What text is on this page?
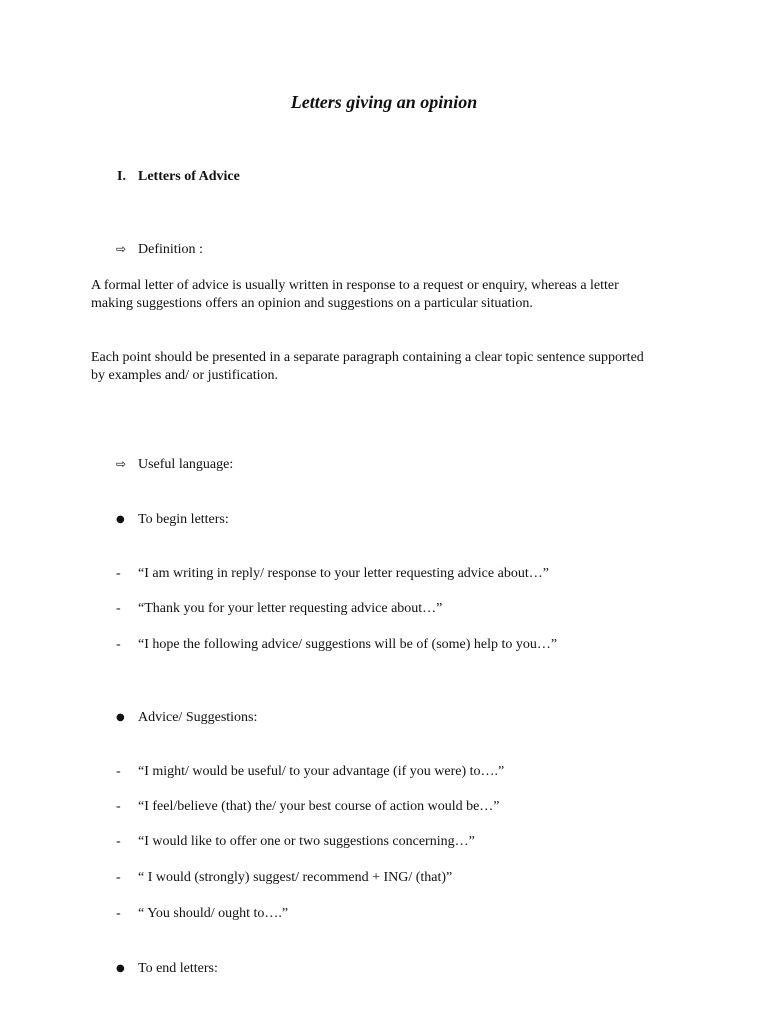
Letters giving an opinion
I. Letters of Advice
⇨ Definition :
A formal letter of advice is usually written in response to a request or enquiry, whereas a letter making suggestions offers an opinion and suggestions on a particular situation.
Each point should be presented in a separate paragraph containing a clear topic sentence supported by examples and/ or justification.
⇨ Useful language:
● To begin letters:
- “I am writing in reply/ response to your letter requesting advice about…”
- “Thank you for your letter requesting advice about…”
- “I hope the following advice/ suggestions will be of (some) help to you…”
● Advice/ Suggestions:
- “I might/ would be useful/ to your advantage (if you were) to….”
- “I feel/believe (that) the/ your best course of action would be…”
- “I would like to offer one or two suggestions concerning…”
- “ I would (strongly) suggest/ recommend + ING/ (that)”
- “ You should/ ought to….”
● To end letters:
